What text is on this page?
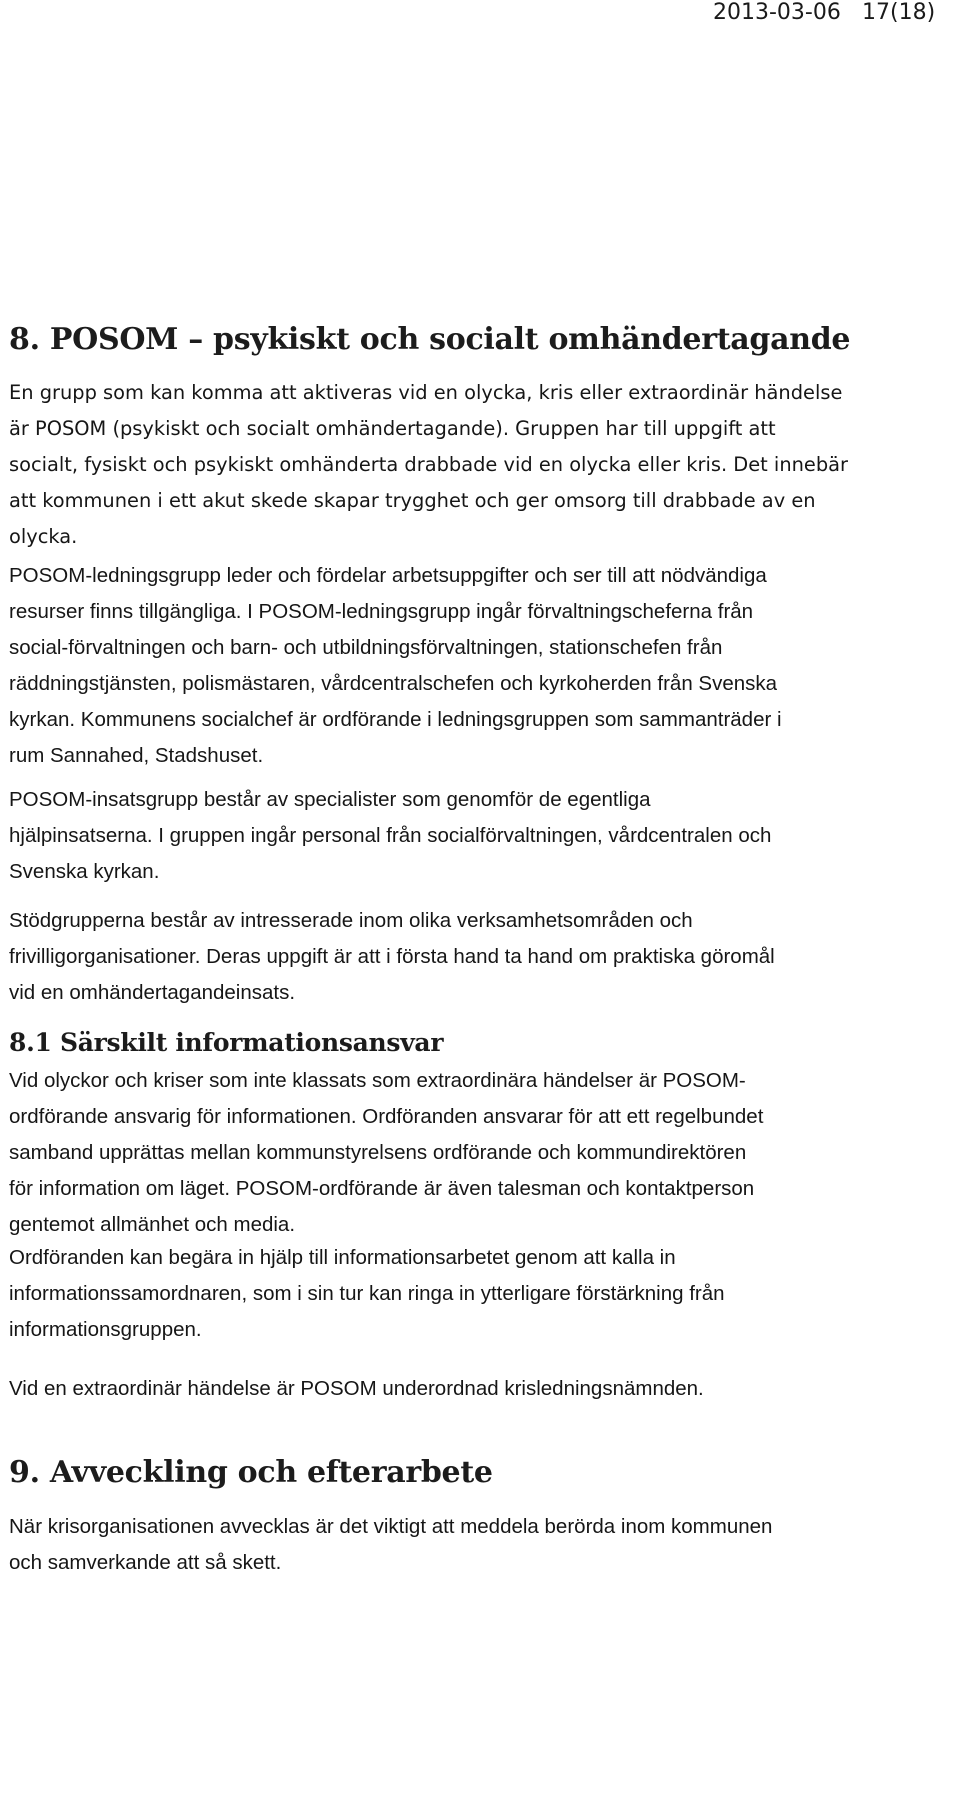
2013-03-06 17(18)
8. POSOM – psykiskt och socialt omhändertagande

En grupp som kan komma att aktiveras vid en olycka, kris eller extraordinär händelse
är POSOM (psykiskt och socialt omhändertagande). Gruppen har till uppgift att
socialt, fysiskt och psykiskt omhänderta drabbade vid en olycka eller kris. Det innebär
att kommunen i ett akut skede skapar trygghet och ger omsorg till drabbade av en
olycka.

POSOM-ledningsgrupp leder och fördelar arbetsuppgifter och ser till att nödvändiga
resurser finns tillgängliga. I POSOM-ledningsgrupp ingår förvaltningscheferna från
social-förvaltningen och barn- och utbildningsförvaltningen, stationschefen från
räddningstjänsten, polismästaren, vårdcentralschefen och kyrkoherden från Svenska
kyrkan. Kommunens socialchef är ordförande i ledningsgruppen som sammanträder i
rum Sannahed, Stadshuset.

POSOM-insatsgrupp består av specialister som genomför de egentliga
hjälpinsatserna. I gruppen ingår personal från socialförvaltningen, vårdcentralen och
Svenska kyrkan.

Stödgrupperna består av intresserade inom olika verksamhetsområden och
frivilligorganisationer. Deras uppgift är att i första hand ta hand om praktiska göromål
vid en omhändertagandeinsats.

8.1 Särskilt informationsansvar

Vid olyckor och kriser som inte klassats som extraordinära händelser är POSOM-
ordförande ansvarig för informationen. Ordföranden ansvarar för att ett regelbundet
samband upprättas mellan kommunstyrelsens ordförande och kommundirektören
för information om läget. POSOM-ordförande är även talesman och kontaktperson
gentemot allmänhet och media.

Ordföranden kan begära in hjälp till informationsarbetet genom att kalla in
informationssamordnaren, som i sin tur kan ringa in ytterligare förstärkning från
informationsgruppen.

Vid en extraordinär händelse är POSOM underordnad krisledningsnämnden.

9. Avveckling och efterarbete

När krisorganisationen avvecklas är det viktigt att meddela berörda inom kommunen
och samverkande att så skett.
